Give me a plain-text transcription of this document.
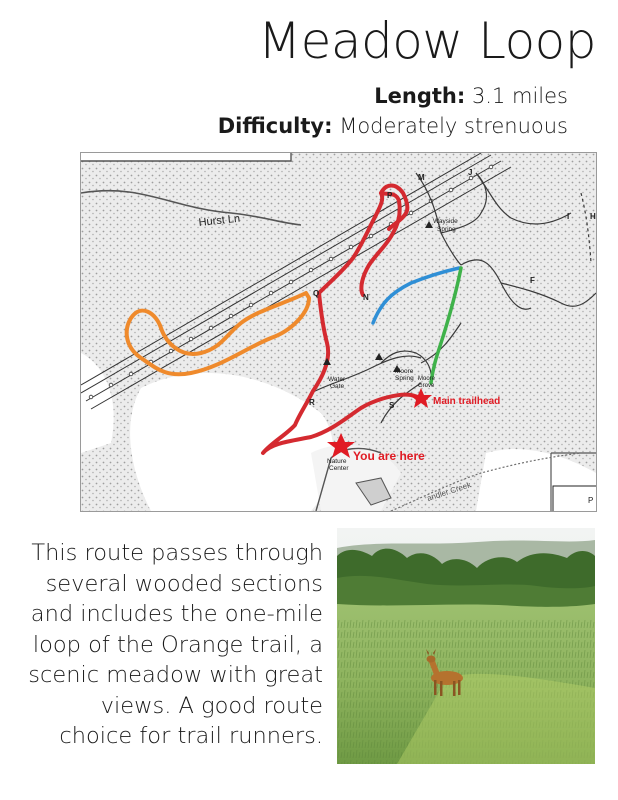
Meadow Loop
Length: 3.1 miles
Difficulty: Moderately strenuous
Hurst Ln	Wayside
Spring
Water
Gate
Moore
Spring Moore
Grove
Nature
Center
andler Creek
Main trailhead
You are here
M
J
P
I	H
N
F
Q
R	S
P
This route passes through several wooded sections and includes the one-mile loop of the Orange trail, a scenic meadow with great views. A good route choice for trail runners.
